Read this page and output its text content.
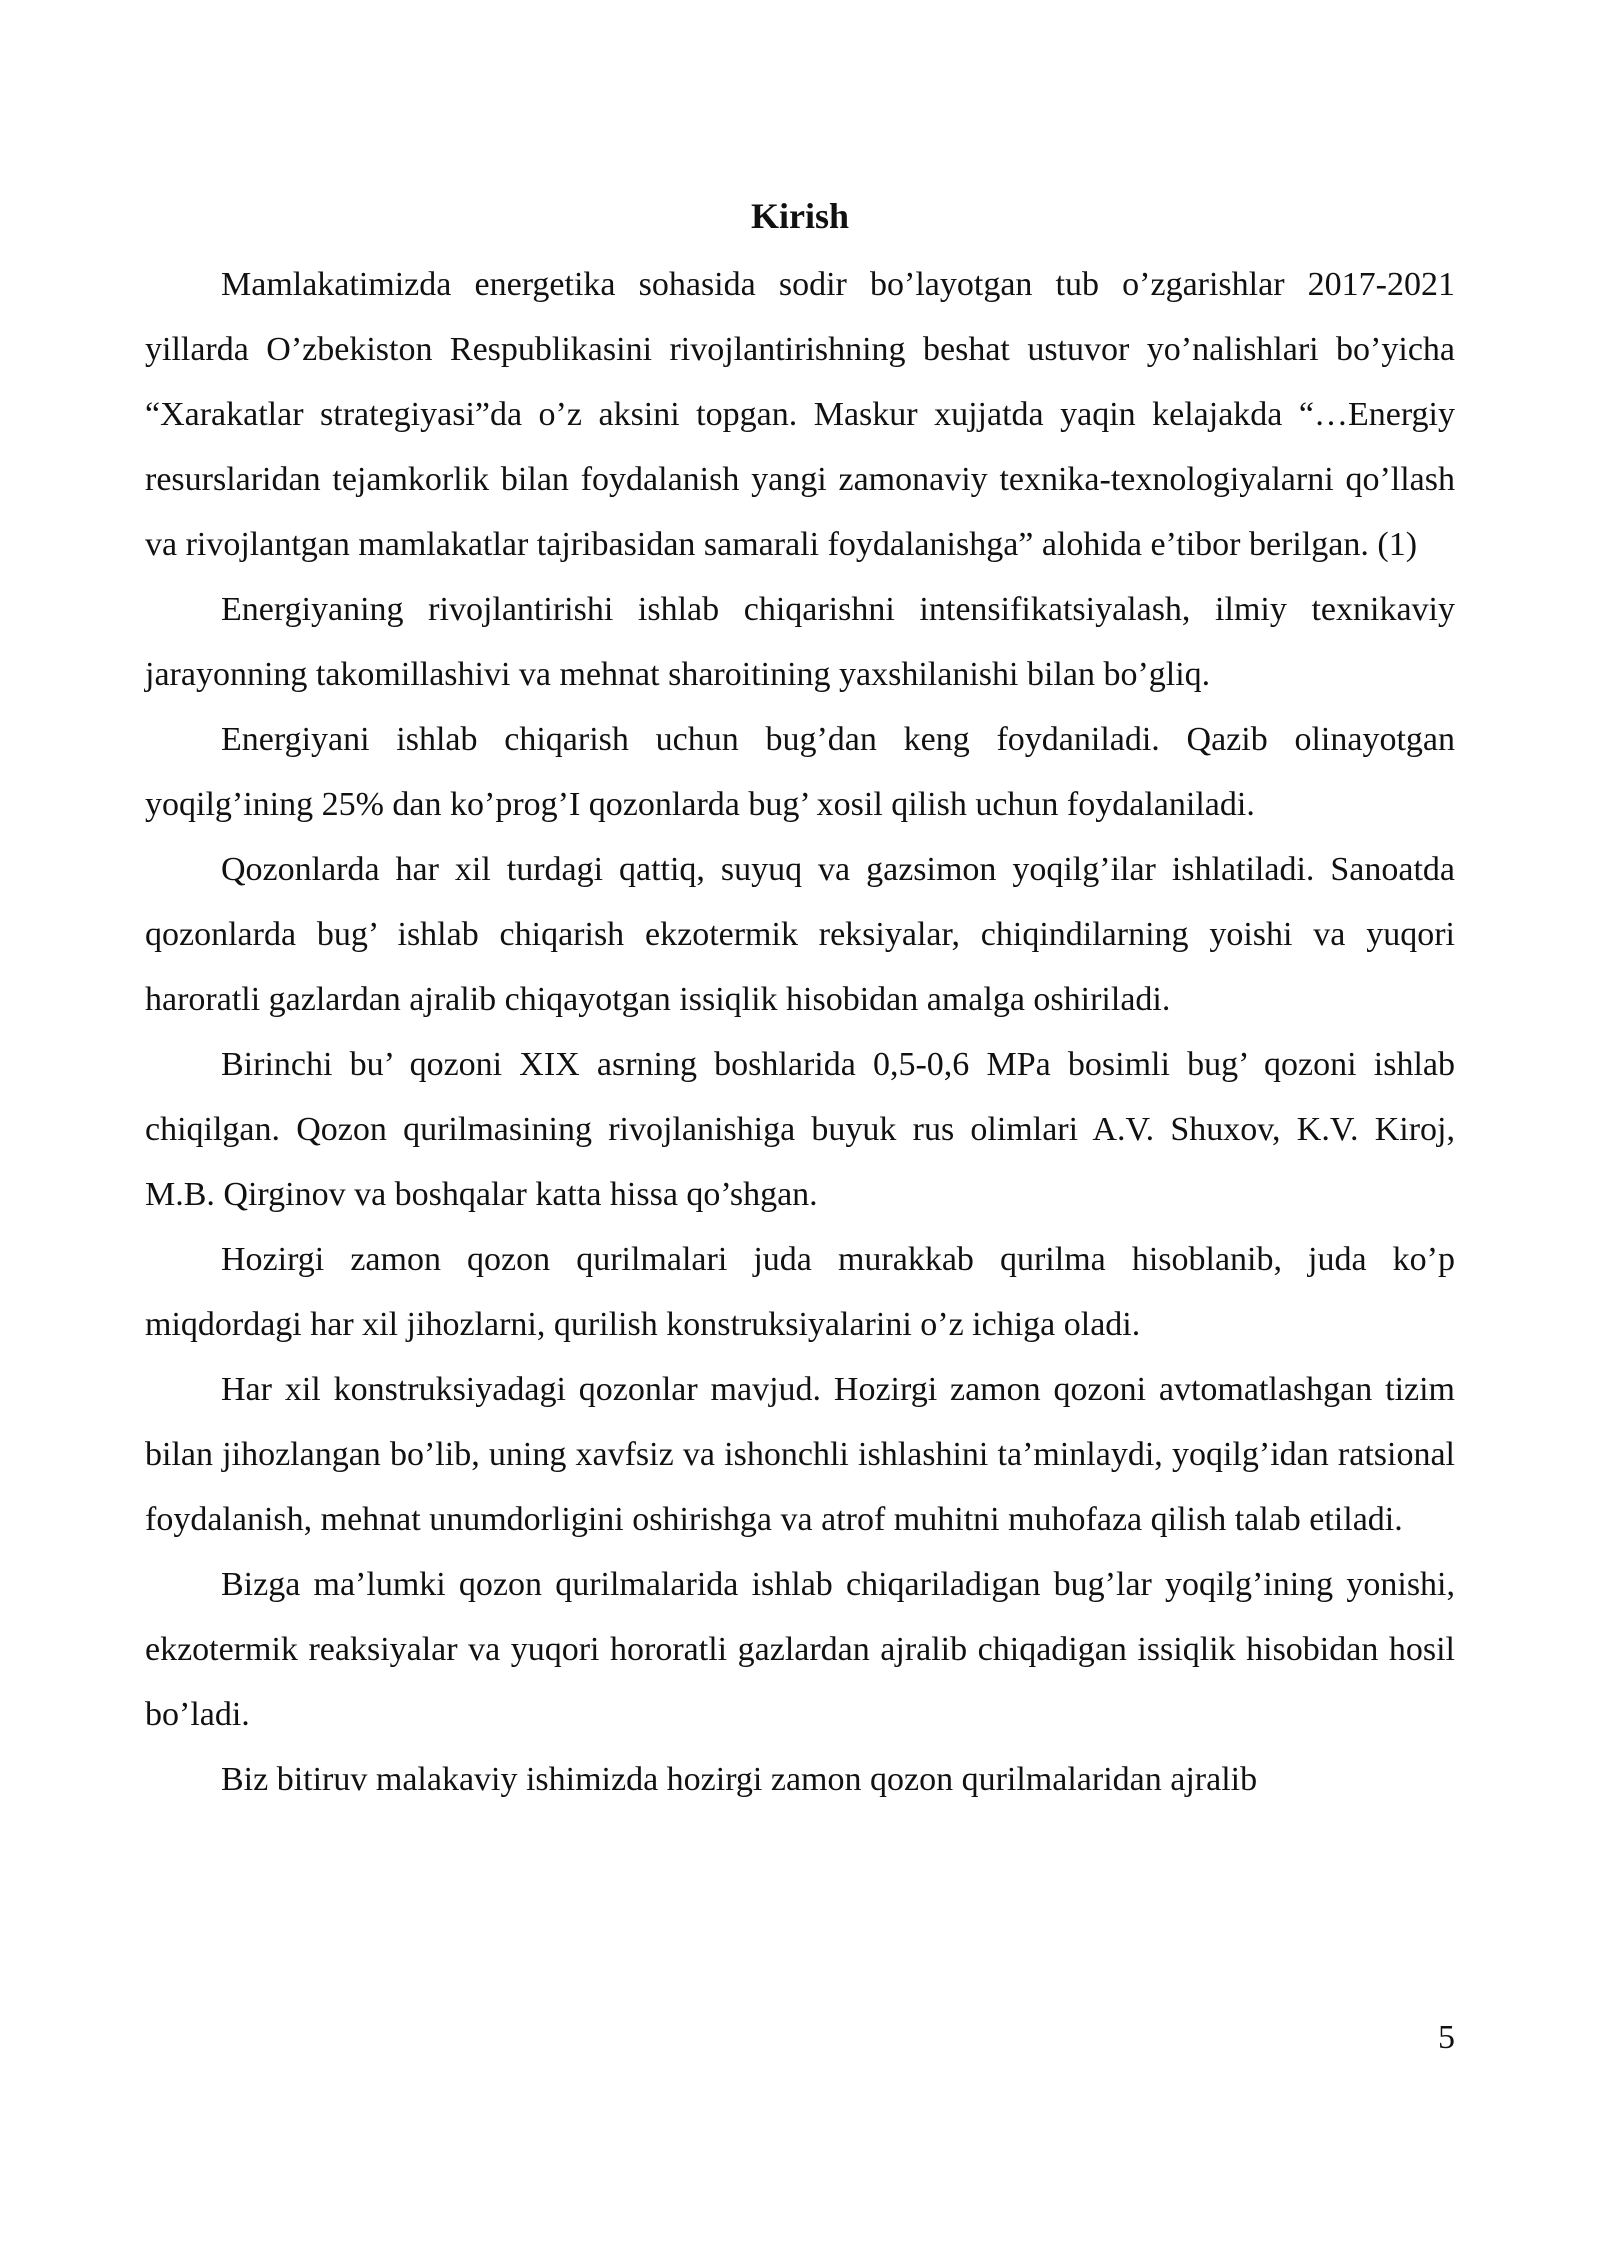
Kirish

Mamlakatimizda energetika sohasida sodir bo’layotgan tub o’zgarishlar 2017-2021 yillarda O’zbekiston Respublikasini rivojlantirishning beshat ustuvor yo’nalishlari bo’yicha “Xarakatlar strategiyasi”da o’z aksini topgan. Maskur xujjatda yaqin kelajakda “…Energiy resurslaridan tejamkorlik bilan foydalanish yangi zamonaviy texnika-texnologiyalarni qo’llash va rivojlantgan mamlakatlar tajribasidan samarali foydalanishga” alohida e’tibor berilgan. (1)

Energiyaning rivojlantirishi ishlab chiqarishni intensifikatsiyalash, ilmiy texnikaviy jarayonning takomillashivi va mehnat sharoitining yaxshilanishi bilan bo’gliq.

Energiyani ishlab chiqarish uchun bug’dan keng foydaniladi. Qazib olinayotgan yoqilg’ining 25% dan ko’prog’I qozonlarda bug’ xosil qilish uchun foydalaniladi.

Qozonlarda har xil turdagi qattiq, suyuq va gazsimon yoqilg’ilar ishlatiladi. Sanoatda qozonlarda bug’ ishlab chiqarish ekzotermik reksiyalar, chiqindilarning yoishi va yuqori haroratli gazlardan ajralib chiqayotgan issiqlik hisobidan amalga oshiriladi.

Birinchi bu’ qozoni XIX asrning boshlarida 0,5-0,6 MPa bosimli bug’ qozoni ishlab chiqilgan. Qozon qurilmasining rivojlanishiga buyuk rus olimlari A.V. Shuxov, K.V. Kiroj, M.B. Qirginov va boshqalar katta hissa qo’shgan.

Hozirgi zamon qozon qurilmalari juda murakkab qurilma hisoblanib, juda ko’p miqdordagi har xil jihozlarni, qurilish konstruksiyalarini o’z ichiga oladi.

Har xil konstruksiyadagi qozonlar mavjud. Hozirgi zamon qozoni avtomatlashgan tizim bilan jihozlangan bo’lib, uning xavfsiz va ishonchli ishlashini ta’minlaydi, yoqilg’idan ratsional foydalanish, mehnat unumdorligini oshirishga va atrof muhitni muhofaza qilish talab etiladi.

Bizga ma’lumki qozon qurilmalarida ishlab chiqariladigan bug’lar yoqilg’ining yonishi, ekzotermik reaksiyalar va yuqori hororatli gazlardan ajralib chiqadigan issiqlik hisobidan hosil bo’ladi.

Biz bitiruv malakaviy ishimizda hozirgi zamon qozon qurilmalaridan ajralib

5
